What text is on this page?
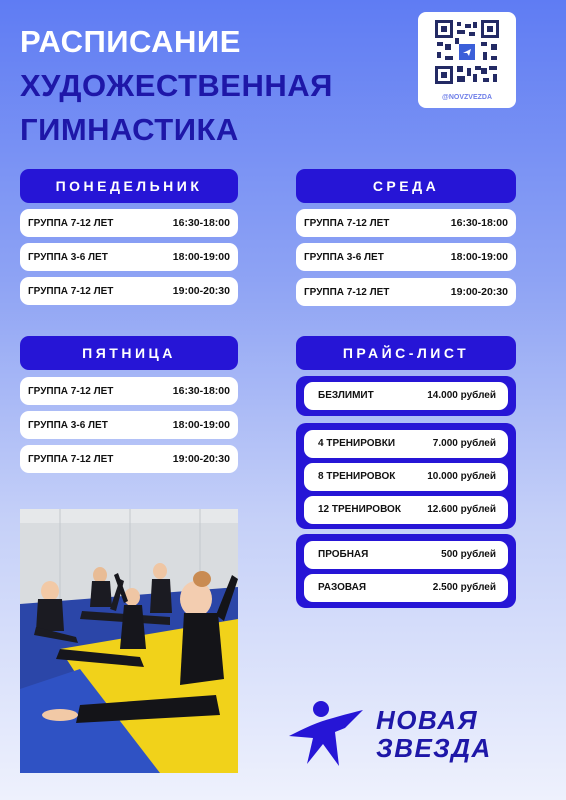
РАСПИСАНИЕ
ХУДОЖЕСТВЕННАЯ
ГИМНАСТИКА
@NOVZVEZDA
ПОНЕДЕЛЬНИК
ГРУППА 7-12 ЛЕТ	16:30-18:00
ГРУППА 3-6 ЛЕТ	18:00-19:00
ГРУППА 7-12 ЛЕТ	19:00-20:30
СРЕДА
ГРУППА 7-12 ЛЕТ	16:30-18:00
ГРУППА 3-6 ЛЕТ	18:00-19:00
ГРУППА 7-12 ЛЕТ	19:00-20:30
ПЯТНИЦА
ГРУППА 7-12 ЛЕТ	16:30-18:00
ГРУППА 3-6 ЛЕТ	18:00-19:00
ГРУППА 7-12 ЛЕТ	19:00-20:30
ПРАЙС-ЛИСТ
БЕЗЛИМИТ	14.000 рублей
4 ТРЕНИРОВКИ	7.000 рублей
8 ТРЕНИРОВОК	10.000 рублей
12 ТРЕНИРОВОК	12.600 рублей
ПРОБНАЯ	500 рублей
РАЗОВАЯ	2.500 рублей
НОВАЯ
ЗВЕЗДА
